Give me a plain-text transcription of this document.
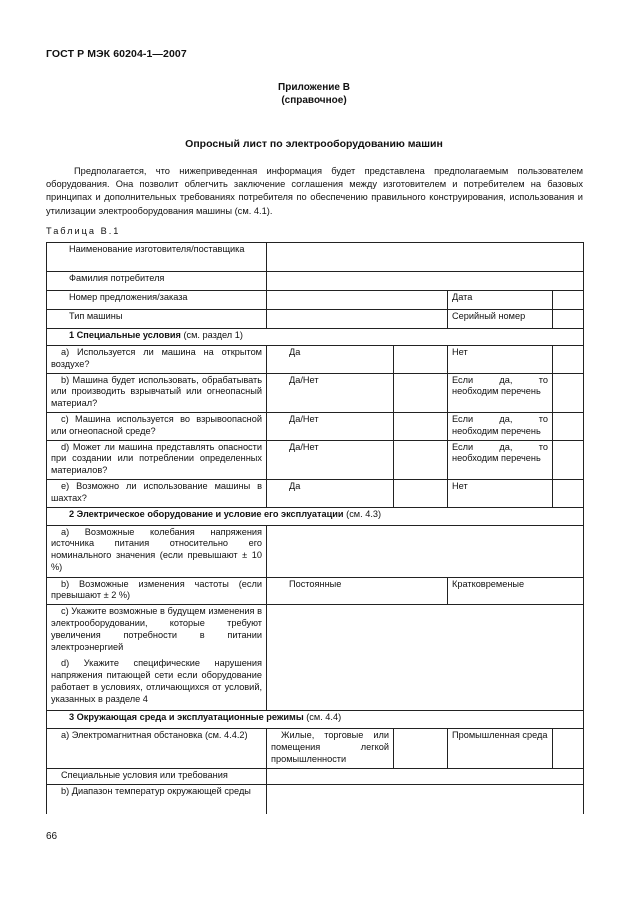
ГОСТ Р МЭК 60204-1—2007
Приложение В
(справочное)
Опросный лист по электрооборудованию машин

Предполагается, что нижеприведенная информация будет представлена предполагаемым пользователем оборудования. Она позволит облегчить заключение соглашения между изготовителем и потребителем на базовых принципах и дополнительных требованиях потребителя по обеспечению правильного конструирования, использования и утилизации электрооборудования машины (см. 4.1).

Таблица В.1
Наименование изготовителя/поставщика				
Фамилия потребителя				
Номер предложения/заказа			Дата	
Тип машины			Серийный номер	
1 Специальные условия (см. раздел 1)				
a) Используется ли машина на открытом воздухе?	Да		Нет	
b) Машина будет использовать, обрабатывать или производить взрывчатый или огнеопасный материал?	Да/Нет		Если да, то необходим перечень	
c) Машина используется во взрывоопасной или огнеопасной среде?	Да/Нет		Если да, то необходим перечень	
d) Может ли машина представлять опасности при создании или потреблении определенных материалов?	Да/Нет		Если да, то необходим перечень	
e) Возможно ли использование машины в шахтах?	Да		Нет	
2 Электрическое оборудование и условие его эксплуатации (см. 4.3)				
a) Возможные колебания напряжения источника питания относительно его номинального значения (если превышают ± 10 %)				
b) Возможные изменения частоты (если превышают ± 2 %)	Постоянные		Кратковременые	

c) Укажите возможные в будущем изменения в электрооборудовании, которые требуют увеличения потребности в питании электроэнергией

d) Укажите специфические нарушения напряжения питающей сети если оборудование работает в условиях, отличающихся от условий, указанных в разделе 4				

3 Окружающая среда и эксплуатационные режимы (см. 4.4)				
a) Электромагнитная обстановка (см. 4.4.2)	Жилые, торговые или помещения легкой промышленности		Промышленная среда	
Специальные условия или требования				
b) Диапазон температур окружающей среды				
66
